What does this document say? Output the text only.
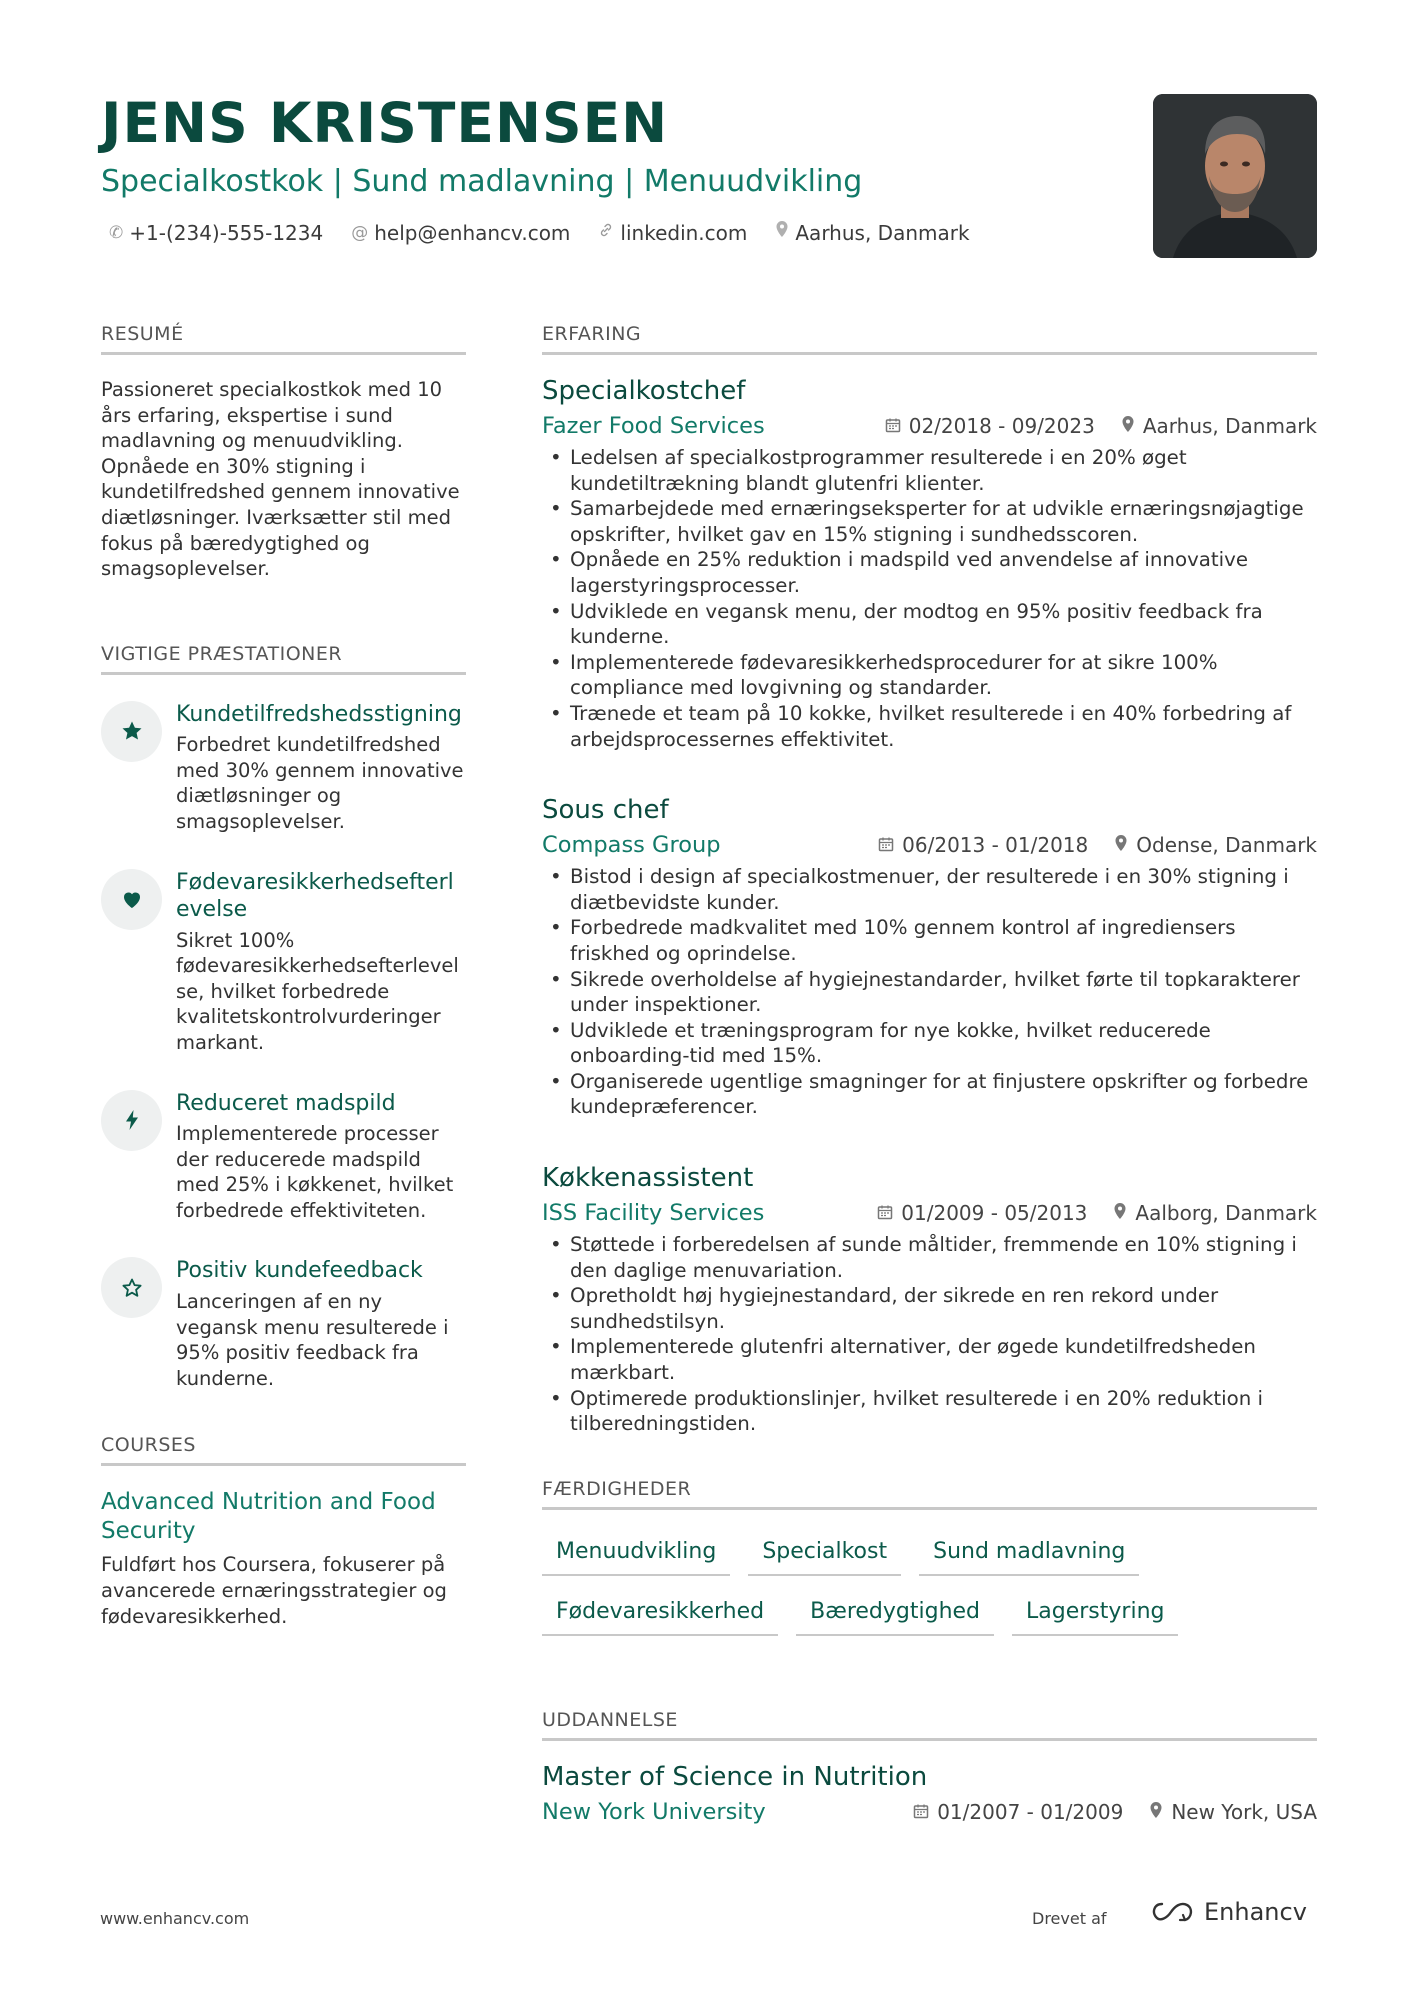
JENS KRISTENSEN
Specialkostkok | Sund madlavning | Menuudvikling
✆ +1-(234)-555-1234 @ help@enhancv.com	linkedin.com Aarhus, Danmark
RESUMÉ
Passioneret specialkostkok med 10 års erfaring, ekspertise i sund madlavning og menuudvikling. Opnåede en 30% stigning i kundetilfredshed gennem innovative diætløsninger. Iværksætter stil med fokus på bæredygtighed og smagsoplevelser.
VIGTIGE PRÆSTATIONER
Kundetilfredshedsstigning
Forbedret kundetilfredshed med 30% gennem innovative diætløsninger og smagsoplevelser.
Fødevaresikkerhedsefterlevelse
Sikret 100% fødevaresikkerhedsefterlevelse, hvilket forbedrede kvalitetskontrolvurderinger markant.
Reduceret madspild
Implementerede processer der reducerede madspild med 25% i køkkenet, hvilket forbedrede effektiviteten.
Positiv kundefeedback
Lanceringen af en ny vegansk menu resulterede i 95% positiv feedback fra kunderne.
COURSES
Advanced Nutrition and Food Security
Fuldført hos Coursera, fokuserer på avancerede ernæringsstrategier og fødevaresikkerhed.
ERFARING
Specialkostchef
Fazer Food Services	02/2018 - 09/2023 Aarhus, Danmark
• Ledelsen af specialkostprogrammer resulterede i en 20% øget kundetiltrækning blandt glutenfri klienter.
• Samarbejdede med ernæringseksperter for at udvikle ernæringsnøjagtige opskrifter, hvilket gav en 15% stigning i sundhedsscoren.
• Opnåede en 25% reduktion i madspild ved anvendelse af innovative lagerstyringsprocesser.
• Udviklede en vegansk menu, der modtog en 95% positiv feedback fra kunderne.
• Implementerede fødevaresikkerhedsprocedurer for at sikre 100% compliance med lovgivning og standarder.
• Trænede et team på 10 kokke, hvilket resulterede i en 40% forbedring af arbejdsprocessernes effektivitet.
Sous chef
Compass Group	06/2013 - 01/2018 Odense, Danmark
• Bistod i design af specialkostmenuer, der resulterede i en 30% stigning i diætbevidste kunder.
• Forbedrede madkvalitet med 10% gennem kontrol af ingrediensers friskhed og oprindelse.
• Sikrede overholdelse af hygiejnestandarder, hvilket førte til topkarakterer under inspektioner.
• Udviklede et træningsprogram for nye kokke, hvilket reducerede onboarding-tid med 15%.
• Organiserede ugentlige smagninger for at finjustere opskrifter og forbedre kundepræferencer.
Køkkenassistent
ISS Facility Services	01/2009 - 05/2013 Aalborg, Danmark
• Støttede i forberedelsen af sunde måltider, fremmende en 10% stigning i den daglige menuvariation.
• Opretholdt høj hygiejnestandard, der sikrede en ren rekord under sundhedstilsyn.
• Implementerede glutenfri alternativer, der øgede kundetilfredsheden mærkbart.
• Optimerede produktionslinjer, hvilket resulterede i en 20% reduktion i tilberedningstiden.
FÆRDIGHEDER
Menuudvikling	Specialkost	Sund madlavning
Fødevaresikkerhed	Bæredygtighed	Lagerstyring
UDDANNELSE
Master of Science in Nutrition
New York University	01/2007 - 01/2009 New York, USA
www.enhancv.com	Drevet af	Enhancv
